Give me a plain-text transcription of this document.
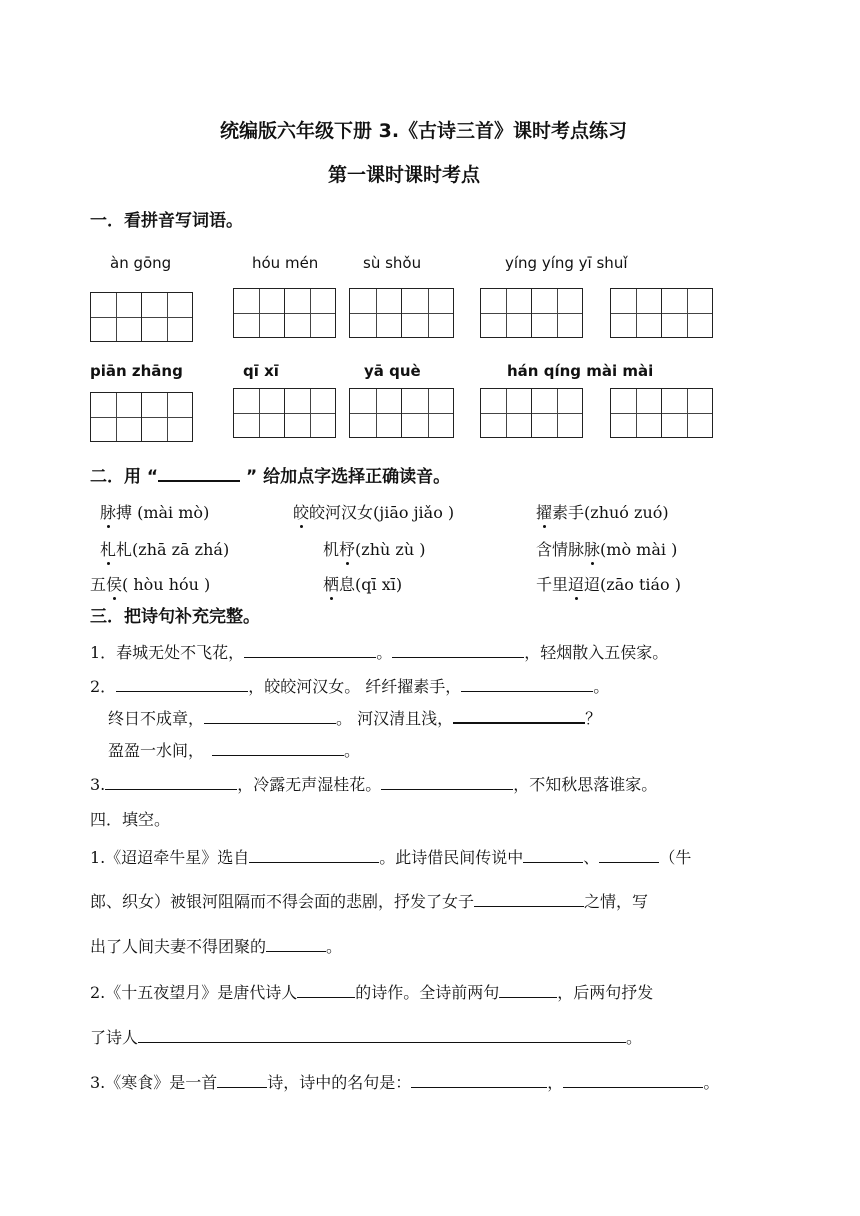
统编版六年级下册 3.《古诗三首》课时考点练习
第一课时课时考点
一．看拼音写词语。
àn gōng	hóu mén	sù shǒu	yíng yíng yī shuǐ
piān zhāng	qī xī	yā què	hán qíng mài mài
二．用 “	” 给加点字选择正确读音。
脉搏 (mài mò)	皎皎河汉女(jiāo jiǎo )	擢素手(zhuó zuó)
札札(zhā zā zhá)	机杼(zhù zù )	含情脉脉(mò mài )
五侯( hòu hóu )	栖息(qī xī)	千里迢迢(zāo tiáo )
三．把诗句补充完整。
1．春城无处不飞花，	。	，轻烟散入五侯家。
2．	，皎皎河汉女。 纤纤擢素手，	。
终日不成章，	。 河汉清且浅，	？
盈盈一水间，	。
3.	，冷露无声湿桂花。	，不知秋思落谁家。
四．填空。
1.《迢迢牵牛星》选自	。此诗借民间传说中	、	（牛
郎、织女）被银河阻隔而不得会面的悲剧，抒发了女子	之情，写
出了人间夫妻不得团聚的	。
2.《十五夜望月》是唐代诗人	的诗作。全诗前两句	，后两句抒发
了诗人	。
3.《寒食》是一首	诗，诗中的名句是：	，	。
